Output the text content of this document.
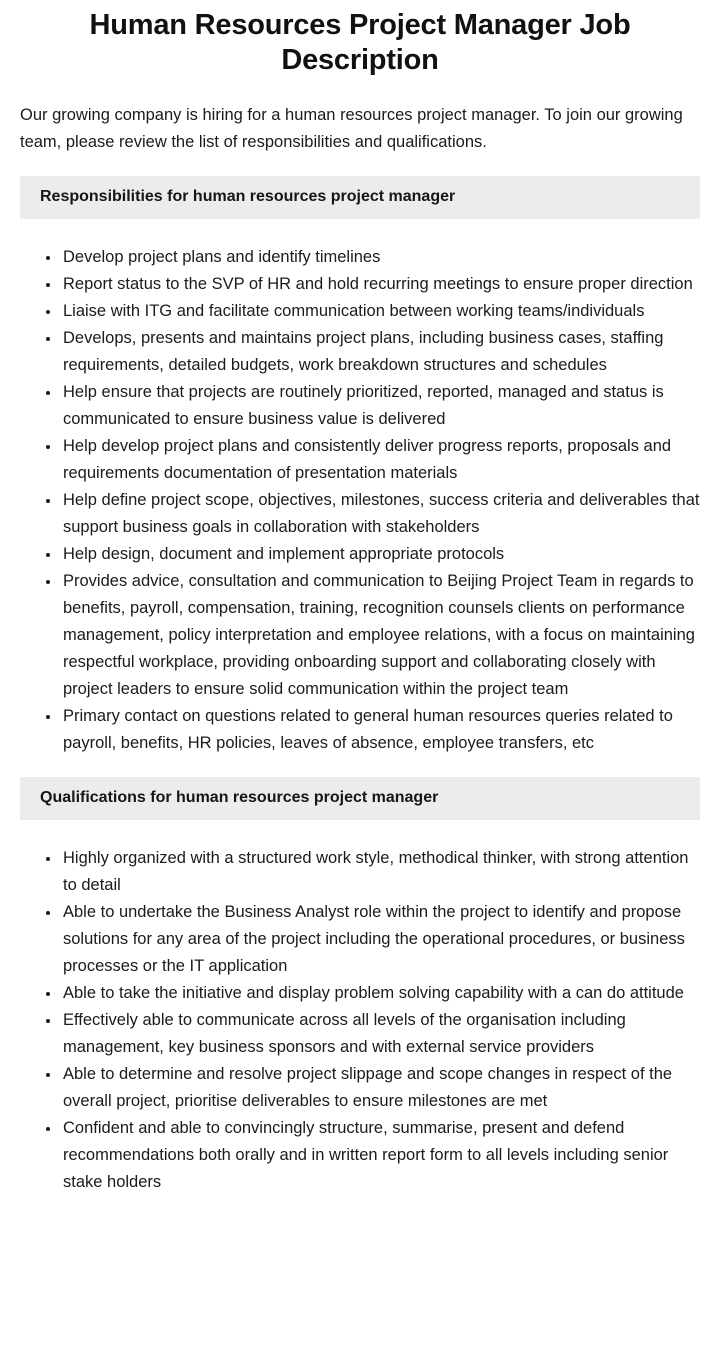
Human Resources Project Manager Job Description

Our growing company is hiring for a human resources project manager. To join our growing team, please review the list of responsibilities and qualifications.

Responsibilities for human resources project manager
• Develop project plans and identify timelines
• Report status to the SVP of HR and hold recurring meetings to ensure proper direction
• Liaise with ITG and facilitate communication between working teams/individuals
• Develops, presents and maintains project plans, including business cases, staffing requirements, detailed budgets, work breakdown structures and schedules
• Help ensure that projects are routinely prioritized, reported, managed and status is communicated to ensure business value is delivered
• Help develop project plans and consistently deliver progress reports, proposals and requirements documentation of presentation materials
• Help define project scope, objectives, milestones, success criteria and deliverables that support business goals in collaboration with stakeholders
• Help design, document and implement appropriate protocols
• Provides advice, consultation and communication to Beijing Project Team in regards to benefits, payroll, compensation, training, recognition counsels clients on performance management, policy interpretation and employee relations, with a focus on maintaining respectful workplace, providing onboarding support and collaborating closely with project leaders to ensure solid communication within the project team
• Primary contact on questions related to general human resources queries related to payroll, benefits, HR policies, leaves of absence, employee transfers, etc
Qualifications for human resources project manager
• Highly organized with a structured work style, methodical thinker, with strong attention to detail
• Able to undertake the Business Analyst role within the project to identify and propose solutions for any area of the project including the operational procedures, or business processes or the IT application
• Able to take the initiative and display problem solving capability with a can do attitude
• Effectively able to communicate across all levels of the organisation including management, key business sponsors and with external service providers
• Able to determine and resolve project slippage and scope changes in respect of the overall project, prioritise deliverables to ensure milestones are met
• Confident and able to convincingly structure, summarise, present and defend recommendations both orally and in written report form to all levels including senior stake holders
